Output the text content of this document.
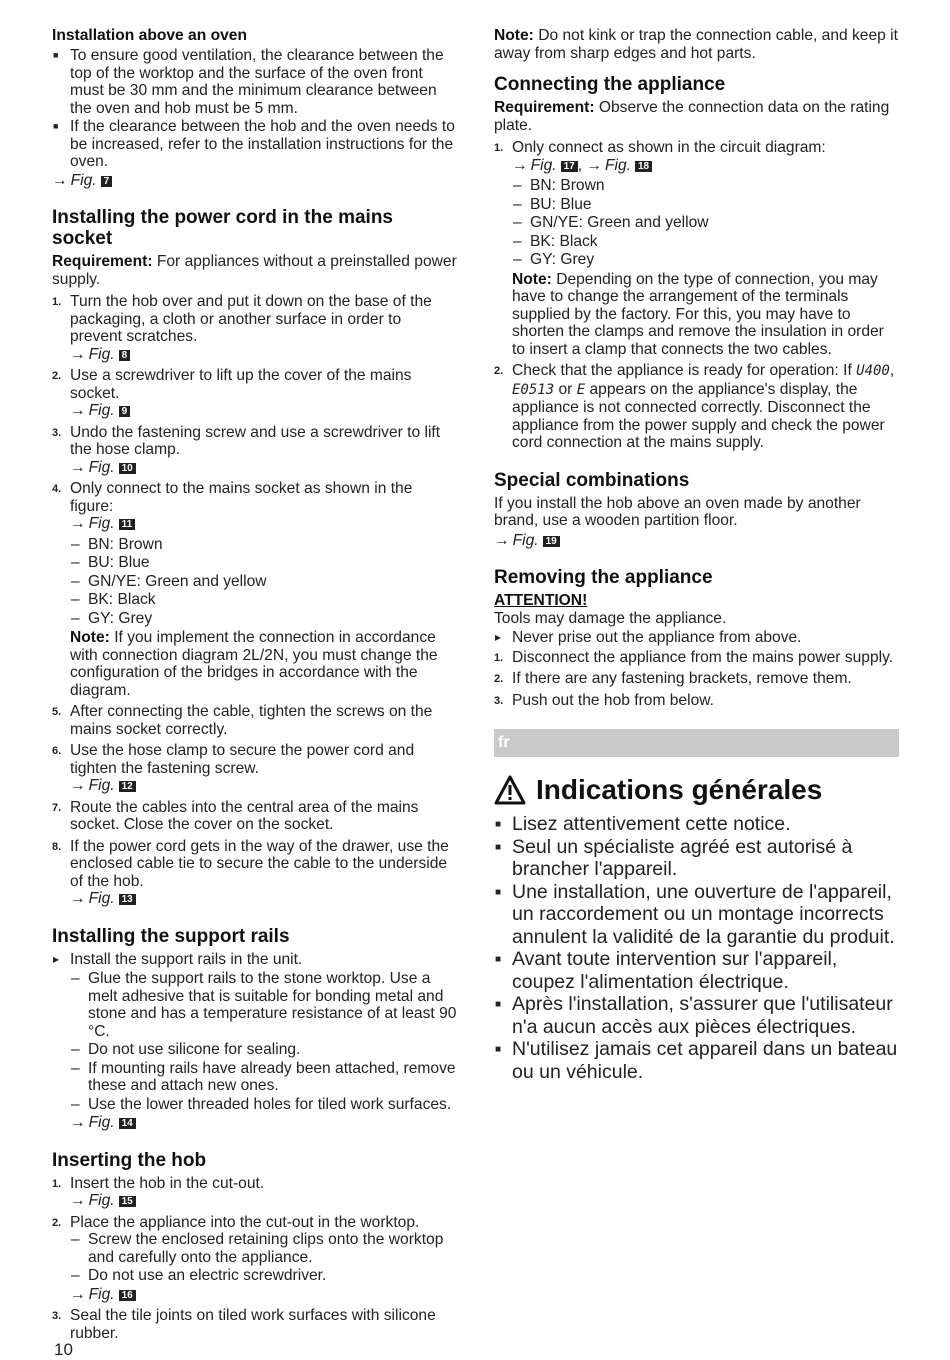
Installation above an oven
■ To ensure good ventilation, the clearance between the top of the worktop and the surface of the oven front must be 30 mm and the minimum clearance between the oven and hob must be 5 mm.
■ If the clearance between the hob and the oven needs to be increased, refer to the installation instructions for the oven.
→ Fig. 7
Installing the power cord in the mains socket

Requirement: For appliances without a preinstalled power supply.

1. Turn the hob over and put it down on the base of the packaging, a cloth or another surface in order to prevent scratches.
→ Fig. 8
2. Use a screwdriver to lift up the cover of the mains socket.
→ Fig. 9
3. Undo the fastening screw and use a screwdriver to lift the hose clamp.
→ Fig. 10
4. Only connect to the mains socket as shown in the figure:
→ Fig. 11
– BN: Brown
– BU: Blue
– GN/YE: Green and yellow
– BK: Black
– GY: Grey

Note: If you implement the connection in accordance with connection diagram 2L/2N, you must change the configuration of the bridges in accordance with the diagram.

5. After connecting the cable, tighten the screws on the mains socket correctly.
6. Use the hose clamp to secure the power cord and tighten the fastening screw.
→ Fig. 12
7. Route the cables into the central area of the mains socket. Close the cover on the socket.
8. If the power cord gets in the way of the drawer, use the enclosed cable tie to secure the cable to the underside of the hob.
→ Fig. 13
Installing the support rails
▸ Install the support rails in the unit.
– Glue the support rails to the stone worktop. Use a melt adhesive that is suitable for bonding metal and stone and has a temperature resistance of at least 90 °C.
– Do not use silicone for sealing.
– If mounting rails have already been attached, remove these and attach new ones.
– Use the lower threaded holes for tiled work surfaces.
→ Fig. 14
Inserting the hob
1. Insert the hob in the cut-out.
→ Fig. 15
2. Place the appliance into the cut-out in the worktop.
– Screw the enclosed retaining clips onto the worktop and carefully onto the appliance.
– Do not use an electric screwdriver.
→ Fig. 16
3. Seal the tile joints on tiled work surfaces with silicone rubber.

Note: Do not kink or trap the connection cable, and keep it away from sharp edges and hot parts.

Connecting the appliance

Requirement: Observe the connection data on the rating plate.

1. Only connect as shown in the circuit diagram:
→ Fig. 17 , → Fig. 18
– BN: Brown
– BU: Blue
– GN/YE: Green and yellow
– BK: Black
– GY: Grey

Note: Depending on the type of connection, you may have to change the arrangement of the terminals supplied by the factory. For this, you may have to shorten the clamps and remove the insulation in order to insert a clamp that connects the two cables.

2. Check that the appliance is ready for operation: If U400, E0513 or E appears on the appliance's display, the appliance is not connected correctly. Disconnect the appliance from the power supply and check the power cord connection at the mains supply.
Special combinations

If you install the hob above an oven made by another brand, use a wooden partition floor.

→ Fig. 19
Removing the appliance
ATTENTION!

Tools may damage the appliance.

▸ Never prise out the appliance from above.
1. Disconnect the appliance from the mains power supply.
2. If there are any fastening brackets, remove them.
3. Push out the hob from below.
fr
Indications générales
■ Lisez attentivement cette notice.
■ Seul un spécialiste agréé est autorisé à brancher l'appareil.
■ Une installation, une ouverture de l'appareil, un raccordement ou un montage incorrects annulent la validité de la garantie du produit.
■ Avant toute intervention sur l'appareil, coupez l'alimentation électrique.
■ Après l'installation, s'assurer que l'utilisateur n'a aucun accès aux pièces électriques.
■ N'utilisez jamais cet appareil dans un bateau ou un véhicule.
10
